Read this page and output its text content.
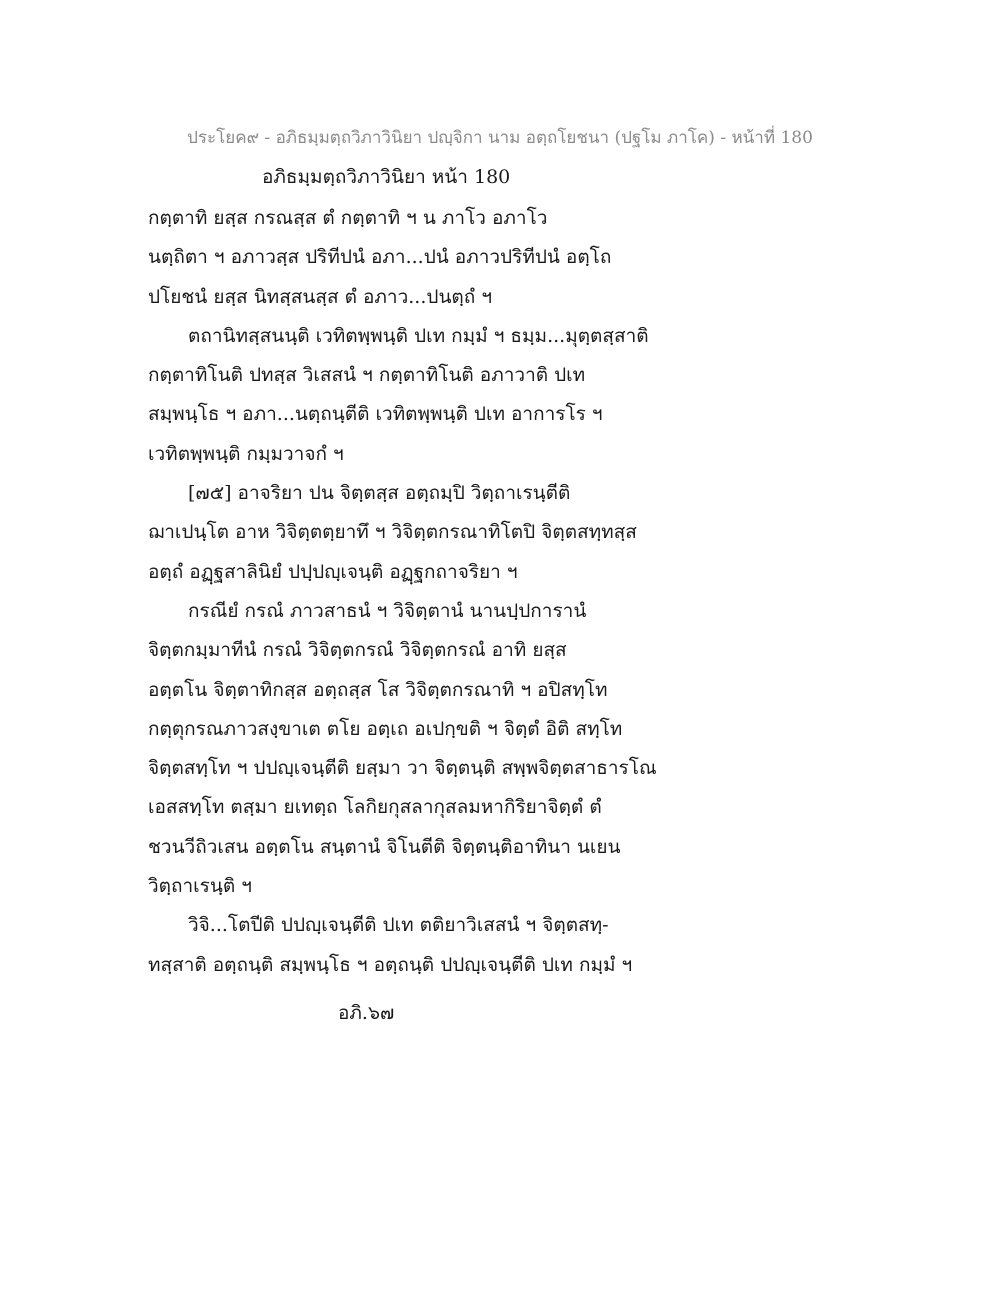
ประโยค๙ - อภิธมฺมตฺถวิภาวินิยา ปญฺจิกา นาม อตฺถโยชนา (ปฐโม ภาโค) - หน้าที่ 180
อภิธมฺมตฺถวิภาวินิยา หน้า 180
กตฺตาทิ ยสฺส กรณสฺส ตํ กตฺตาทิ ฯ น ภาโว อภาโว
นตฺถิตา ฯ อภาวสฺส ปริทีปนํ อภา...ปนํ อภาวปริทีปนํ อตฺโถ
ปโยชนํ ยสฺส นิทสฺสนสฺส ตํ อภาว...ปนตฺถํ ฯ
ตถานิทสฺสนนฺติ เวทิตพฺพนฺติ ปเท กมฺมํ ฯ ธมฺม...มุตฺตสฺสาติ
กตฺตาทิโนติ ปทสฺส วิเสสนํ ฯ กตฺตาทิโนติ อภาวาติ ปเท
สมฺพนฺโธ ฯ อภา...นตฺถนฺตีติ เวทิตพฺพนฺติ ปเท อาการโร ฯ
เวทิตพฺพนฺติ กมฺมวาจกํ ฯ
[๗๕] อาจริยา ปน จิตฺตสฺส อตฺถมฺปิ วิตฺถาเรนฺตีติ
ฌาเปนฺโต อาห วิจิตฺตตฺยาทึ ฯ วิจิตฺตกรณาทิโตปิ จิตฺตสทฺทสฺส
อตฺถํ อฏฺฐสาลินิยํ ปปฺปญฺเจนฺติ อฏฺฐกถาจริยา ฯ
กรณียํ กรณํ ภาวสาธนํ ฯ วิจิตฺตานํ นานปฺปการานํ
จิตฺตกมฺมาทีนํ กรณํ วิจิตฺตกรณํ วิจิตฺตกรณํ อาทิ ยสฺส
อตฺตโน จิตฺตาทิกสฺส อตฺถสฺส โส วิจิตฺตกรณาทิ ฯ อปิสทฺโท
กตฺตุกรณภาวสงฺขาเต ตโย อตฺเถ อเปกฺขติ ฯ จิตฺตํ อิติ สทฺโท
จิตฺตสทฺโท ฯ ปปญฺเจนฺตีติ ยสฺมา วา จิตฺตนฺติ สพฺพจิตฺตสาธารโณ
เอสสทฺโท ตสฺมา ยเทตฺถ โลกิยกุสลากุสลมหากิริยาจิตฺตํ ตํ
ชวนวีถิวเสน อตฺตโน สนฺตานํ จิโนตีติ จิตฺตนฺติอาทินา นเยน
วิตฺถาเรนฺติ ฯ
วิจิ...โตปีติ ปปญฺเจนฺตีติ ปเท ตติยาวิเสสนํ ฯ จิตฺตสทฺ-
ทสฺสาติ อตฺถนฺติ สมฺพนฺโธ ฯ อตฺถนฺติ ปปญฺเจนฺตีติ ปเท กมฺมํ ฯ
อภิ.๖๗
